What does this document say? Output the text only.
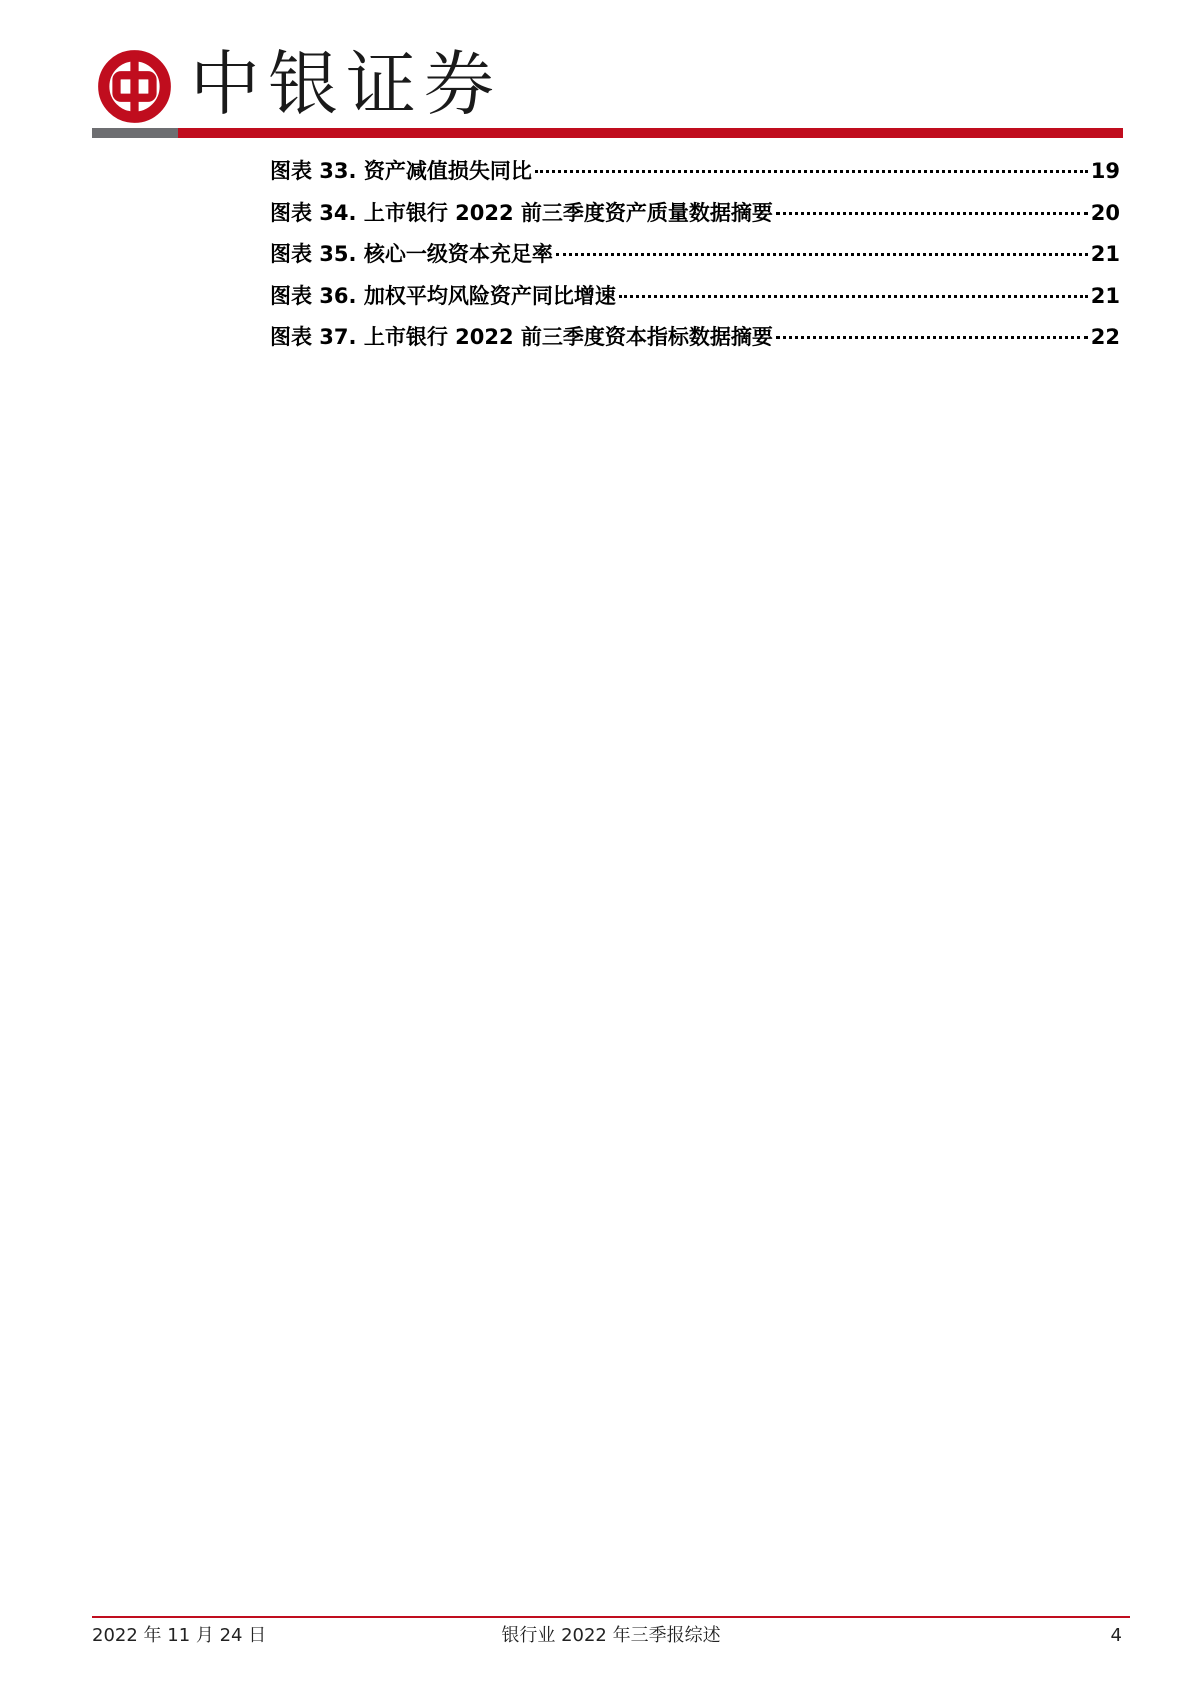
中银证券
图表 33. 资产减值损失同比	19
图表 34. 上市银行 2022 前三季度资产质量数据摘要	20
图表 35. 核心一级资本充足率	21
图表 36. 加权平均风险资产同比增速	21
图表 37. 上市银行 2022 前三季度资本指标数据摘要	22
2022 年 11 月 24 日	银行业 2022 年三季报综述	4
